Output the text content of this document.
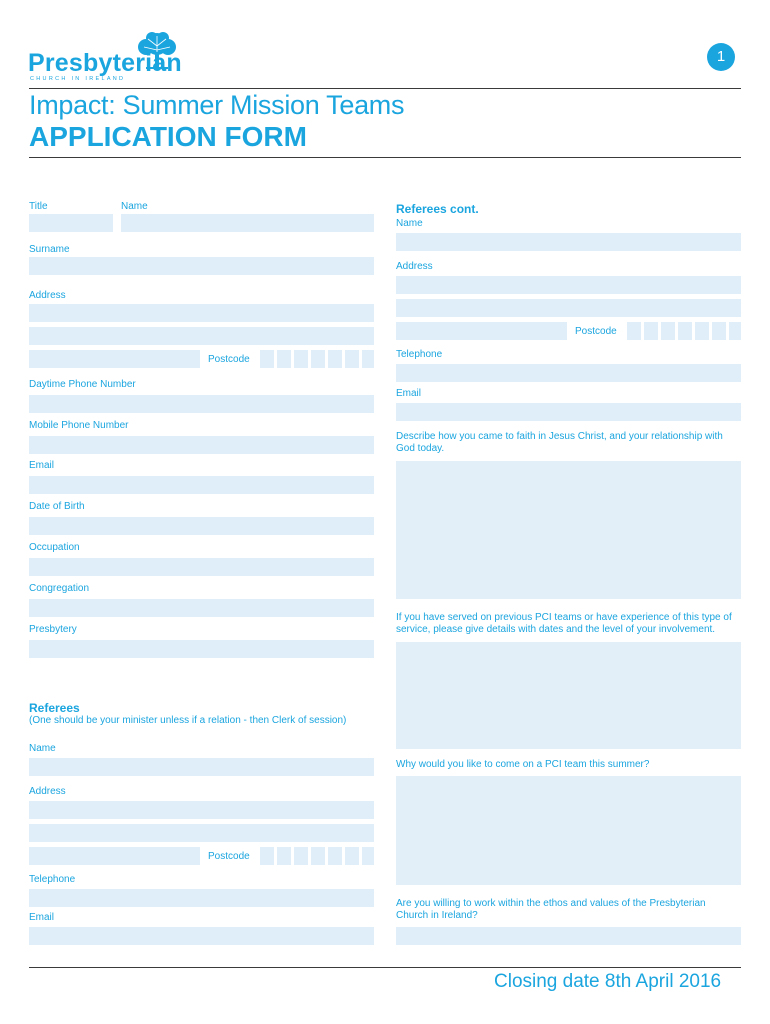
Presbyterian
CHURCH IN IRELAND
1
Impact: Summer Mission Teams
APPLICATION FORM
Title	Name
Surname
Address
Postcode
Daytime Phone Number
Mobile Phone Number
Email
Date of Birth
Occupation
Congregation
Presbytery
Referees
(One should be your minister unless if a relation - then Clerk of session)
Name
Address
Postcode
Telephone
Email
Referees cont.
Name
Address
Postcode
Telephone
Email
Describe how you came to faith in Jesus Christ, and your relationship with God today.
If you have served on previous PCI teams or have experience of this type of service, please give details with dates and the level of your involvement.
Why would you like to come on a PCI team this summer?
Are you willing to work within the ethos and values of the Presbyterian Church in Ireland?
Closing date 8th April 2016
